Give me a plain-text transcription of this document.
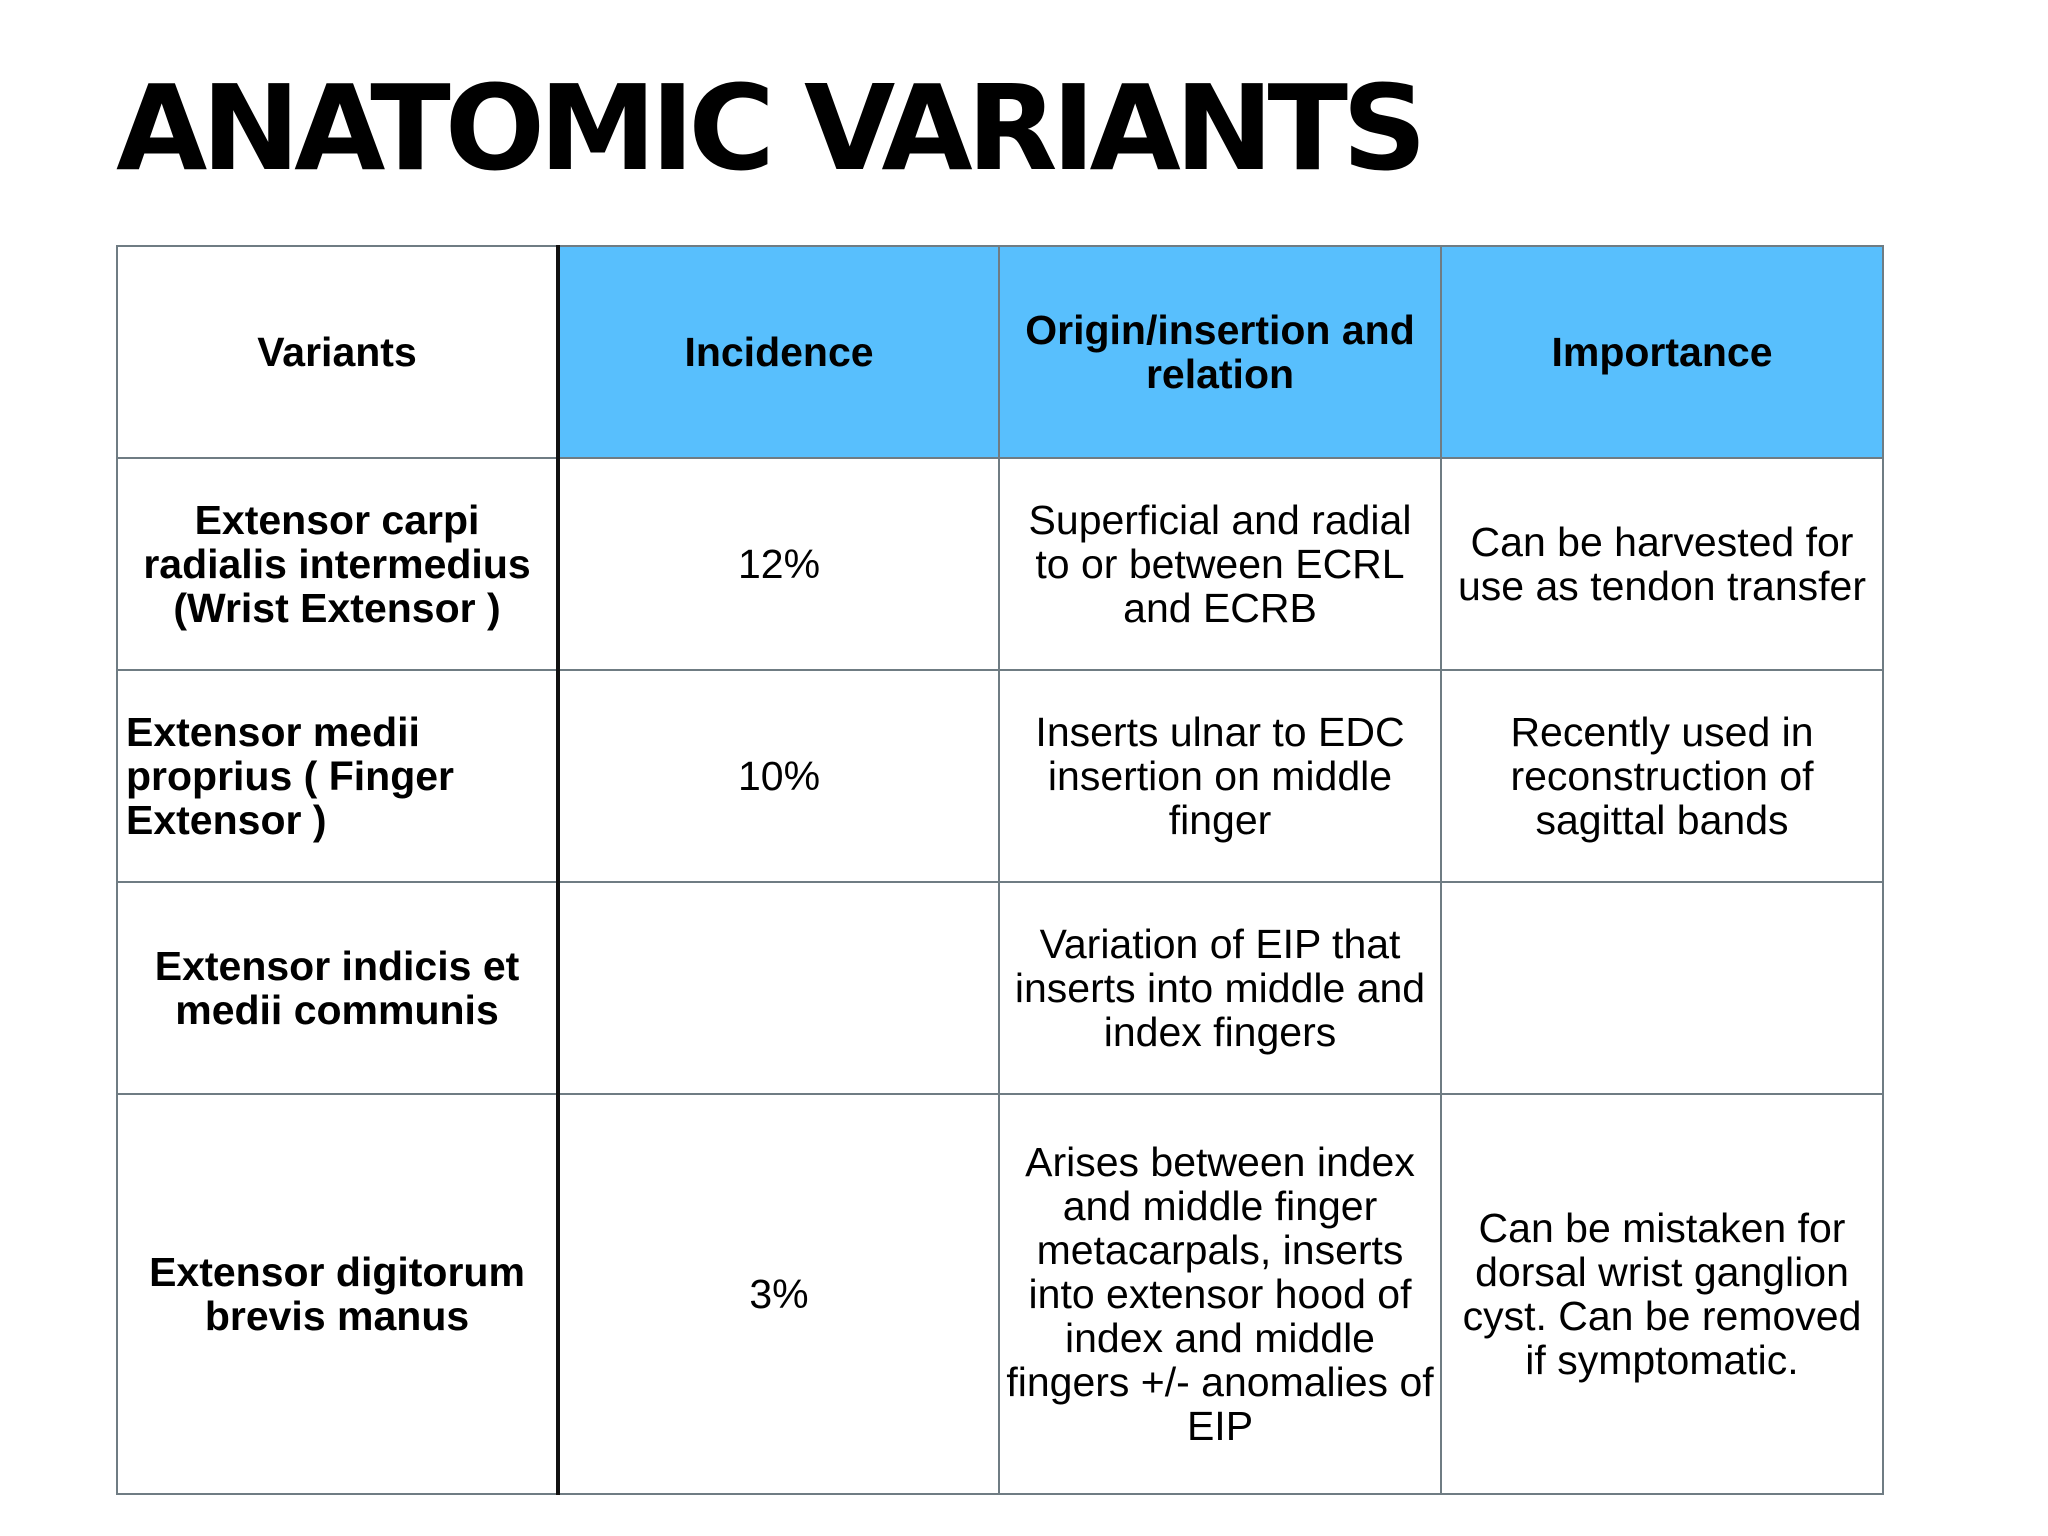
ANATOMIC VARIANTS
Variants	Incidence	Origin/insertion and relation	Importance
Extensor carpi radialis intermedius (Wrist Extensor )	12%	Superficial and radial to or between ECRL and ECRB	Can be harvested for use as tendon transfer
Extensor medii proprius ( Finger Extensor )	10%	Inserts ulnar to EDC insertion on middle finger	Recently used in reconstruction of sagittal bands
Extensor indicis et medii communis		Variation of EIP that inserts into middle and index fingers	
Extensor digitorum brevis manus	3%	Arises between index and middle finger metacarpals, inserts into extensor hood of index and middle fingers +/- anomalies of EIP	Can be mistaken for dorsal wrist ganglion cyst. Can be removed if symptomatic.
